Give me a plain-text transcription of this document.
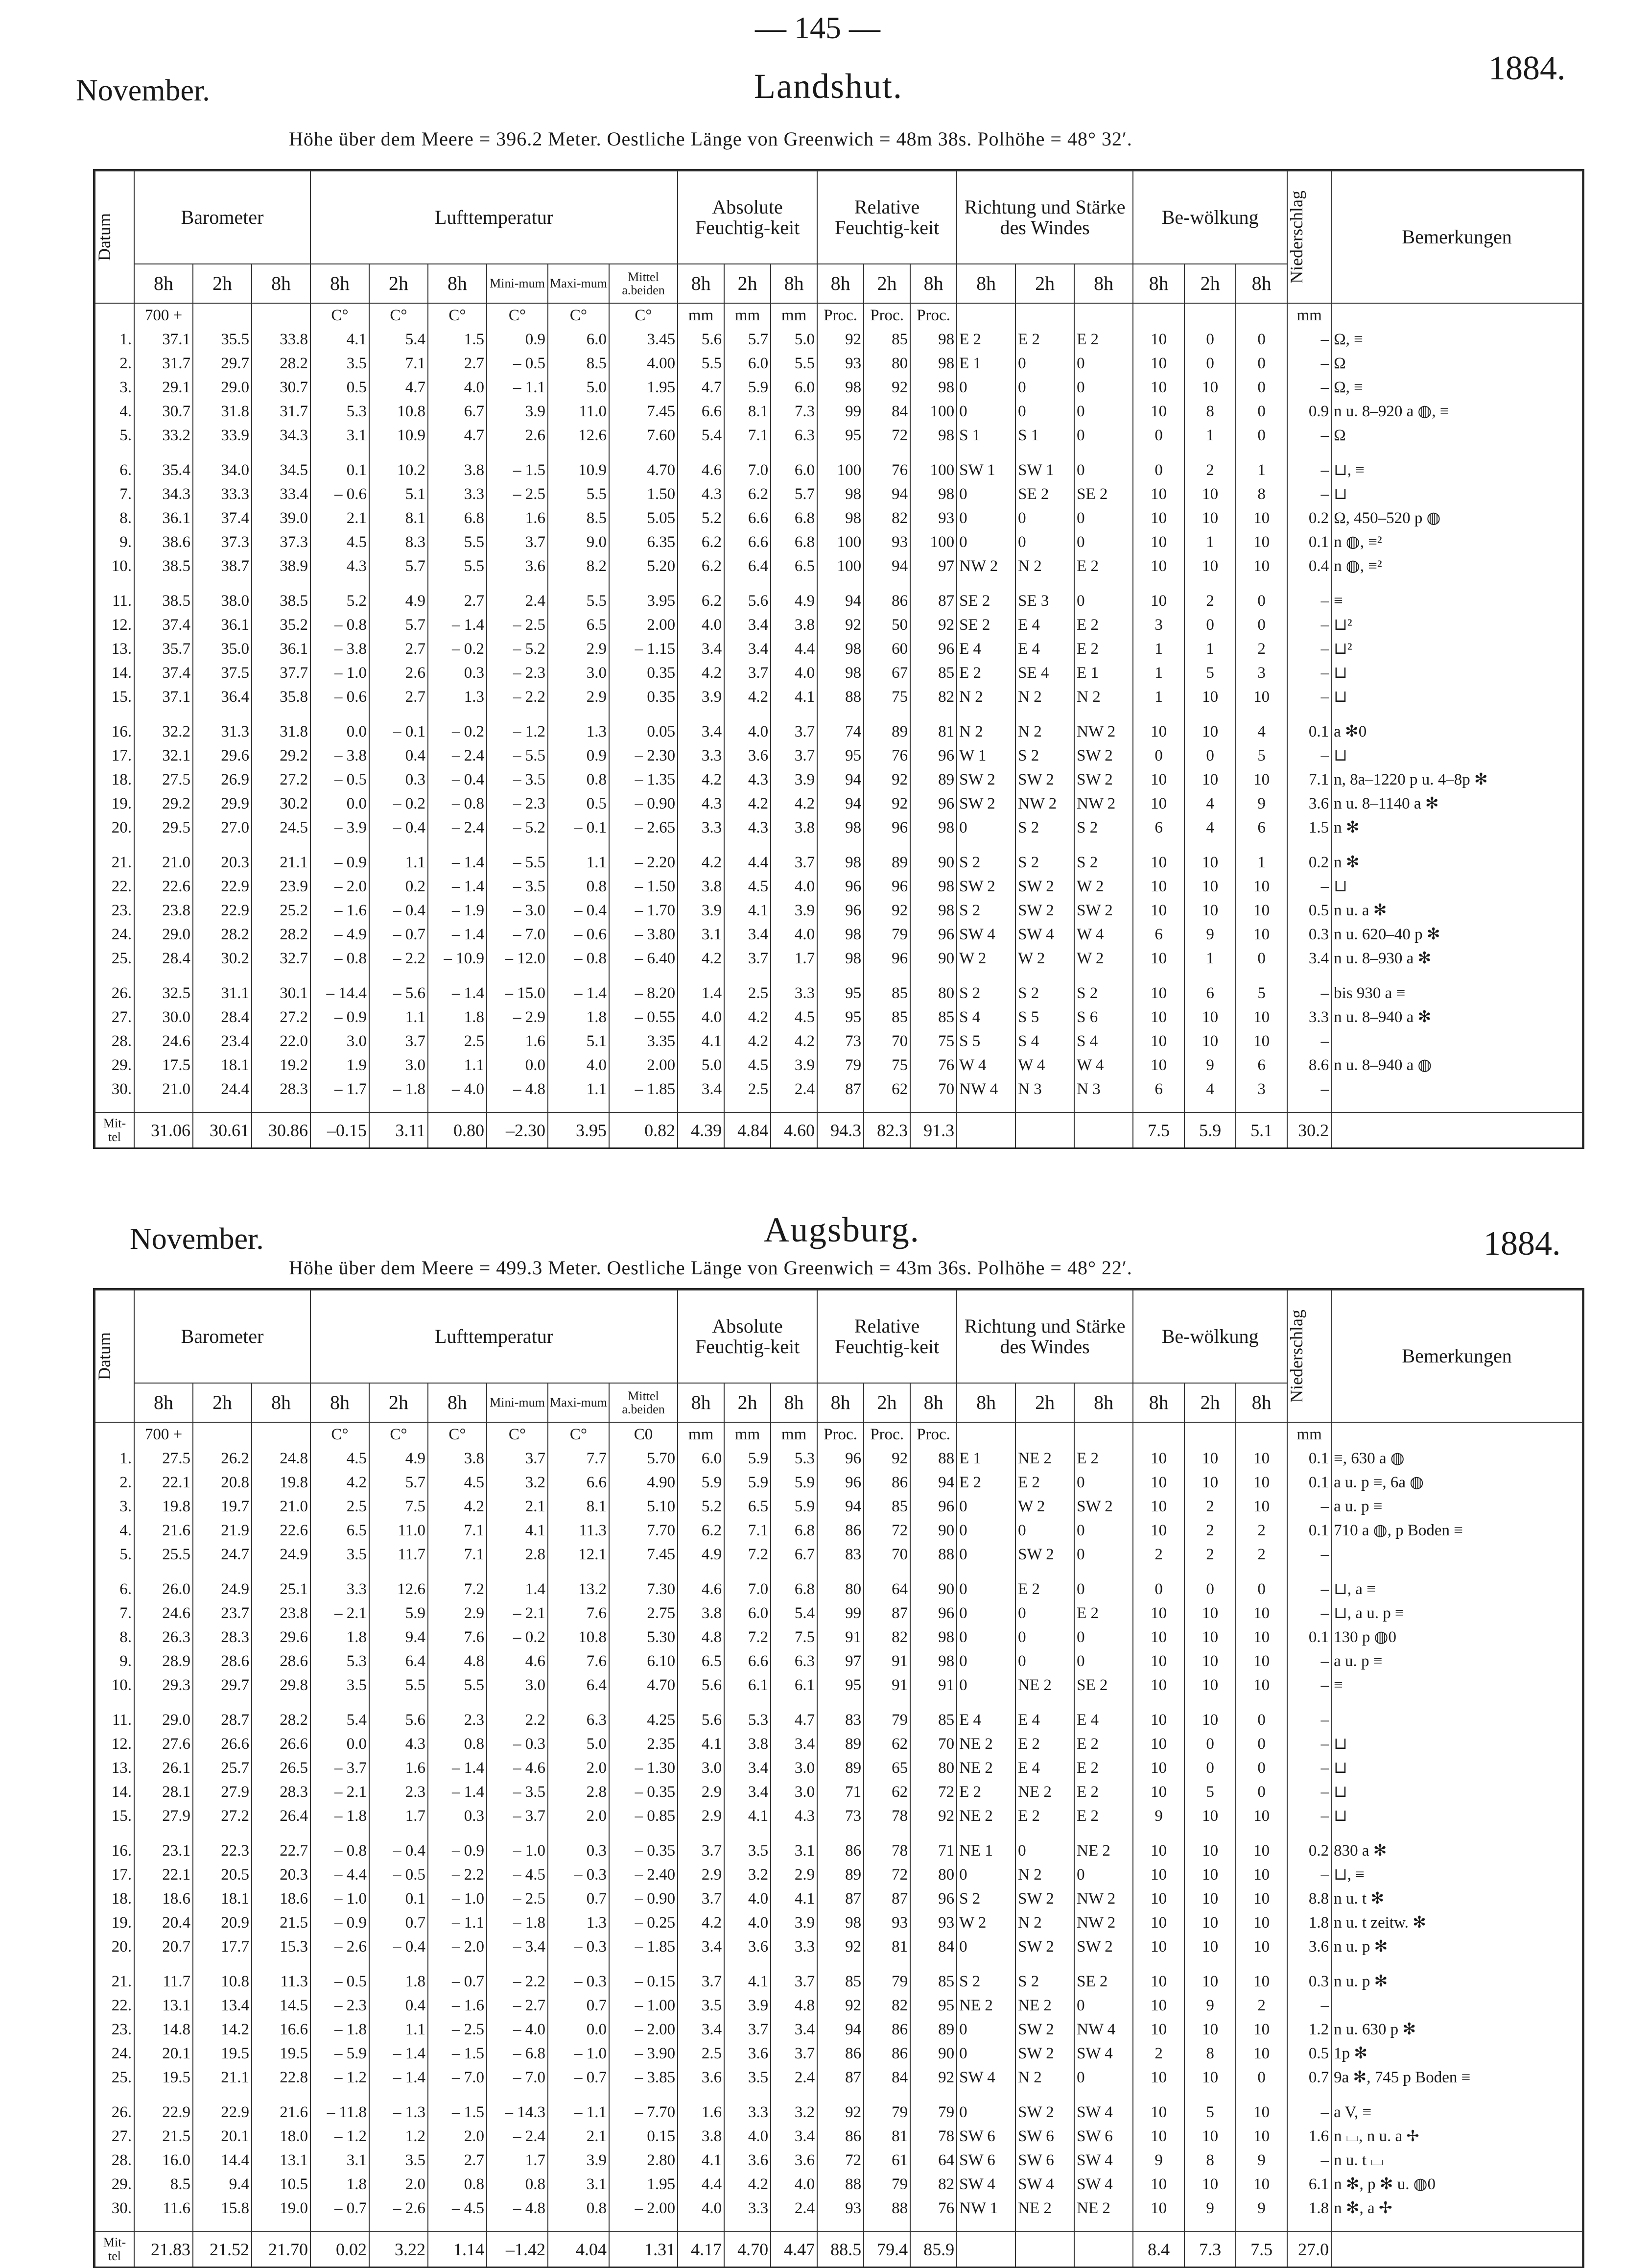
— 145 —
November.	Landshut.	1884.
Höhe über dem Meere = 396.2 Meter. Oestliche Länge von Greenwich = 48m 38s. Polhöhe = 48° 32′.
Datum	Barometer			Lufttemperatur						Absolute Feuchtig-keit			Relative Feuchtig-keit			Richtung und Stärke des Windes			Be-wölkung			Niederschlag	Bemerkungen
	8h	2h	8h	8h	2h	8h	Mini-mum	Maxi-mum	Mittel a.beiden	8h	2h	8h	8h	2h	8h	8h	2h	8h	8h	2h	8h		
	700 +			C°	C°	C°	C°	C°	C°	mm	mm	mm	Proc.	Proc.	Proc.							mm	
1.	37.1	35.5	33.8	4.1	5.4	1.5	0.9	6.0	3.45	5.6	5.7	5.0	92	85	98	E 2	E 2	E 2	10	0	0	–	Ω, ≡
2.	31.7	29.7	28.2	3.5	7.1	2.7	– 0.5	8.5	4.00	5.5	6.0	5.5	93	80	98	E 1	0	0	10	0	0	–	Ω
3.	29.1	29.0	30.7	0.5	4.7	4.0	– 1.1	5.0	1.95	4.7	5.9	6.0	98	92	98	0	0	0	10	10	0	–	Ω, ≡
4.	30.7	31.8	31.7	5.3	10.8	6.7	3.9	11.0	7.45	6.6	8.1	7.3	99	84	100	0	0	0	10	8	0	0.9	n u. 8–920 a ◍, ≡
5.	33.2	33.9	34.3	3.1	10.9	4.7	2.6	12.6	7.60	5.4	7.1	6.3	95	72	98	S 1	S 1	0	0	1	0	–	Ω

6.	35.4	34.0	34.5	0.1	10.2	3.8	– 1.5	10.9	4.70	4.6	7.0	6.0	100	76	100	SW 1	SW 1	0	0	2	1	–	⊔, ≡
7.	34.3	33.3	33.4	– 0.6	5.1	3.3	– 2.5	5.5	1.50	4.3	6.2	5.7	98	94	98	0	SE 2	SE 2	10	10	8	–	⊔
8.	36.1	37.4	39.0	2.1	8.1	6.8	1.6	8.5	5.05	5.2	6.6	6.8	98	82	93	0	0	0	10	10	10	0.2	Ω, 450–520 p ◍
9.	38.6	37.3	37.3	4.5	8.3	5.5	3.7	9.0	6.35	6.2	6.6	6.8	100	93	100	0	0	0	10	1	10	0.1	n ◍, ≡²
10.	38.5	38.7	38.9	4.3	5.7	5.5	3.6	8.2	5.20	6.2	6.4	6.5	100	94	97	NW 2	N 2	E 2	10	10	10	0.4	n ◍, ≡²

11.	38.5	38.0	38.5	5.2	4.9	2.7	2.4	5.5	3.95	6.2	5.6	4.9	94	86	87	SE 2	SE 3	0	10	2	0	–	≡
12.	37.4	36.1	35.2	– 0.8	5.7	– 1.4	– 2.5	6.5	2.00	4.0	3.4	3.8	92	50	92	SE 2	E 4	E 2	3	0	0	–	⊔²
13.	35.7	35.0	36.1	– 3.8	2.7	– 0.2	– 5.2	2.9	– 1.15	3.4	3.4	4.4	98	60	96	E 4	E 4	E 2	1	1	2	–	⊔²
14.	37.4	37.5	37.7	– 1.0	2.6	0.3	– 2.3	3.0	0.35	4.2	3.7	4.0	98	67	85	E 2	SE 4	E 1	1	5	3	–	⊔
15.	37.1	36.4	35.8	– 0.6	2.7	1.3	– 2.2	2.9	0.35	3.9	4.2	4.1	88	75	82	N 2	N 2	N 2	1	10	10	–	⊔

16.	32.2	31.3	31.8	0.0	– 0.1	– 0.2	– 1.2	1.3	0.05	3.4	4.0	3.7	74	89	81	N 2	N 2	NW 2	10	10	4	0.1	a ✻0
17.	32.1	29.6	29.2	– 3.8	0.4	– 2.4	– 5.5	0.9	– 2.30	3.3	3.6	3.7	95	76	96	W 1	S 2	SW 2	0	0	5	–	⊔
18.	27.5	26.9	27.2	– 0.5	0.3	– 0.4	– 3.5	0.8	– 1.35	4.2	4.3	3.9	94	92	89	SW 2	SW 2	SW 2	10	10	10	7.1	n, 8a–1220 p u. 4–8p ✻
19.	29.2	29.9	30.2	0.0	– 0.2	– 0.8	– 2.3	0.5	– 0.90	4.3	4.2	4.2	94	92	96	SW 2	NW 2	NW 2	10	4	9	3.6	n u. 8–1140 a ✻
20.	29.5	27.0	24.5	– 3.9	– 0.4	– 2.4	– 5.2	– 0.1	– 2.65	3.3	4.3	3.8	98	96	98	0	S 2	S 2	6	4	6	1.5	n ✻

21.	21.0	20.3	21.1	– 0.9	1.1	– 1.4	– 5.5	1.1	– 2.20	4.2	4.4	3.7	98	89	90	S 2	S 2	S 2	10	10	1	0.2	n ✻
22.	22.6	22.9	23.9	– 2.0	0.2	– 1.4	– 3.5	0.8	– 1.50	3.8	4.5	4.0	96	96	98	SW 2	SW 2	W 2	10	10	10	–	⊔
23.	23.8	22.9	25.2	– 1.6	– 0.4	– 1.9	– 3.0	– 0.4	– 1.70	3.9	4.1	3.9	96	92	98	S 2	SW 2	SW 2	10	10	10	0.5	n u. a ✻
24.	29.0	28.2	28.2	– 4.9	– 0.7	– 1.4	– 7.0	– 0.6	– 3.80	3.1	3.4	4.0	98	79	96	SW 4	SW 4	W 4	6	9	10	0.3	n u. 620–40 p ✻
25.	28.4	30.2	32.7	– 0.8	– 2.2	– 10.9	– 12.0	– 0.8	– 6.40	4.2	3.7	1.7	98	96	90	W 2	W 2	W 2	10	1	0	3.4	n u. 8–930 a ✻

26.	32.5	31.1	30.1	– 14.4	– 5.6	– 1.4	– 15.0	– 1.4	– 8.20	1.4	2.5	3.3	95	85	80	S 2	S 2	S 2	10	6	5	–	bis 930 a ≡
27.	30.0	28.4	27.2	– 0.9	1.1	1.8	– 2.9	1.8	– 0.55	4.0	4.2	4.5	95	85	85	S 4	S 5	S 6	10	10	10	3.3	n u. 8–940 a ✻
28.	24.6	23.4	22.0	3.0	3.7	2.5	1.6	5.1	3.35	4.1	4.2	4.2	73	70	75	S 5	S 4	S 4	10	10	10	–	
29.	17.5	18.1	19.2	1.9	3.0	1.1	0.0	4.0	2.00	5.0	4.5	3.9	79	75	76	W 4	W 4	W 4	10	9	6	8.6	n u. 8–940 a ◍
30.	21.0	24.4	28.3	– 1.7	– 1.8	– 4.0	– 4.8	1.1	– 1.85	3.4	2.5	2.4	87	62	70	NW 4	N 3	N 3	6	4	3	–	

Mit-tel	31.06	30.61	30.86	–0.15	3.11	0.80	–2.30	3.95	0.82	4.39	4.84	4.60	94.3	82.3	91.3				7.5	5.9	5.1	30.2	
November.	Augsburg.	1884.
Höhe über dem Meere = 499.3 Meter. Oestliche Länge von Greenwich = 43m 36s. Polhöhe = 48° 22′.
Datum	Barometer			Lufttemperatur						Absolute Feuchtig-keit			Relative Feuchtig-keit			Richtung und Stärke des Windes			Be-wölkung			Niederschlag	Bemerkungen
	8h	2h	8h	8h	2h	8h	Mini-mum	Maxi-mum	Mittel a.beiden	8h	2h	8h	8h	2h	8h	8h	2h	8h	8h	2h	8h		
	700 +			C°	C°	C°	C°	C°	C0	mm	mm	mm	Proc.	Proc.	Proc.							mm	
1.	27.5	26.2	24.8	4.5	4.9	3.8	3.7	7.7	5.70	6.0	5.9	5.3	96	92	88	E 1	NE 2	E 2	10	10	10	0.1	≡, 630 a ◍
2.	22.1	20.8	19.8	4.2	5.7	4.5	3.2	6.6	4.90	5.9	5.9	5.9	96	86	94	E 2	E 2	0	10	10	10	0.1	a u. p ≡, 6a ◍
3.	19.8	19.7	21.0	2.5	7.5	4.2	2.1	8.1	5.10	5.2	6.5	5.9	94	85	96	0	W 2	SW 2	10	2	10	–	a u. p ≡
4.	21.6	21.9	22.6	6.5	11.0	7.1	4.1	11.3	7.70	6.2	7.1	6.8	86	72	90	0	0	0	10	2	2	0.1	710 a ◍, p Boden ≡
5.	25.5	24.7	24.9	3.5	11.7	7.1	2.8	12.1	7.45	4.9	7.2	6.7	83	70	88	0	SW 2	0	2	2	2	–	

6.	26.0	24.9	25.1	3.3	12.6	7.2	1.4	13.2	7.30	4.6	7.0	6.8	80	64	90	0	E 2	0	0	0	0	–	⊔, a ≡
7.	24.6	23.7	23.8	– 2.1	5.9	2.9	– 2.1	7.6	2.75	3.8	6.0	5.4	99	87	96	0	0	E 2	10	10	10	–	⊔, a u. p ≡
8.	26.3	28.3	29.6	1.8	9.4	7.6	– 0.2	10.8	5.30	4.8	7.2	7.5	91	82	98	0	0	0	10	10	10	0.1	130 p ◍0
9.	28.9	28.6	28.6	5.3	6.4	4.8	4.6	7.6	6.10	6.5	6.6	6.3	97	91	98	0	0	0	10	10	10	–	a u. p ≡
10.	29.3	29.7	29.8	3.5	5.5	5.5	3.0	6.4	4.70	5.6	6.1	6.1	95	91	91	0	NE 2	SE 2	10	10	10	–	≡

11.	29.0	28.7	28.2	5.4	5.6	2.3	2.2	6.3	4.25	5.6	5.3	4.7	83	79	85	E 4	E 4	E 4	10	10	0	–	
12.	27.6	26.6	26.6	0.0	4.3	0.8	– 0.3	5.0	2.35	4.1	3.8	3.4	89	62	70	NE 2	E 2	E 2	10	0	0	–	⊔
13.	26.1	25.7	26.5	– 3.7	1.6	– 1.4	– 4.6	2.0	– 1.30	3.0	3.4	3.0	89	65	80	NE 2	E 4	E 2	10	0	0	–	⊔
14.	28.1	27.9	28.3	– 2.1	2.3	– 1.4	– 3.5	2.8	– 0.35	2.9	3.4	3.0	71	62	72	E 2	NE 2	E 2	10	5	0	–	⊔
15.	27.9	27.2	26.4	– 1.8	1.7	0.3	– 3.7	2.0	– 0.85	2.9	4.1	4.3	73	78	92	NE 2	E 2	E 2	9	10	10	–	⊔

16.	23.1	22.3	22.7	– 0.8	– 0.4	– 0.9	– 1.0	0.3	– 0.35	3.7	3.5	3.1	86	78	71	NE 1	0	NE 2	10	10	10	0.2	830 a ✻
17.	22.1	20.5	20.3	– 4.4	– 0.5	– 2.2	– 4.5	– 0.3	– 2.40	2.9	3.2	2.9	89	72	80	0	N 2	0	10	10	10	–	⊔, ≡
18.	18.6	18.1	18.6	– 1.0	0.1	– 1.0	– 2.5	0.7	– 0.90	3.7	4.0	4.1	87	87	96	S 2	SW 2	NW 2	10	10	10	8.8	n u. t ✻
19.	20.4	20.9	21.5	– 0.9	0.7	– 1.1	– 1.8	1.3	– 0.25	4.2	4.0	3.9	98	93	93	W 2	N 2	NW 2	10	10	10	1.8	n u. t zeitw. ✻
20.	20.7	17.7	15.3	– 2.6	– 0.4	– 2.0	– 3.4	– 0.3	– 1.85	3.4	3.6	3.3	92	81	84	0	SW 2	SW 2	10	10	10	3.6	n u. p ✻

21.	11.7	10.8	11.3	– 0.5	1.8	– 0.7	– 2.2	– 0.3	– 0.15	3.7	4.1	3.7	85	79	85	S 2	S 2	SE 2	10	10	10	0.3	n u. p ✻
22.	13.1	13.4	14.5	– 2.3	0.4	– 1.6	– 2.7	0.7	– 1.00	3.5	3.9	4.8	92	82	95	NE 2	NE 2	0	10	9	2	–	
23.	14.8	14.2	16.6	– 1.8	1.1	– 2.5	– 4.0	0.0	– 2.00	3.4	3.7	3.4	94	86	89	0	SW 2	NW 4	10	10	10	1.2	n u. 630 p ✻
24.	20.1	19.5	19.5	– 5.9	– 1.4	– 1.5	– 6.8	– 1.0	– 3.90	2.5	3.6	3.7	86	86	90	0	SW 2	SW 4	2	8	10	0.5	1p ✻
25.	19.5	21.1	22.8	– 1.2	– 1.4	– 7.0	– 7.0	– 0.7	– 3.85	3.6	3.5	2.4	87	84	92	SW 4	N 2	0	10	10	0	0.7	9a ✻, 745 p Boden ≡

26.	22.9	22.9	21.6	– 11.8	– 1.3	– 1.5	– 14.3	– 1.1	– 7.70	1.6	3.3	3.2	92	79	79	0	SW 2	SW 4	10	5	10	–	a V, ≡
27.	21.5	20.1	18.0	– 1.2	1.2	2.0	– 2.4	2.1	0.15	3.8	4.0	3.4	86	81	78	SW 6	SW 6	SW 6	10	10	10	1.6	n ⌴, n u. a ✢
28.	16.0	14.4	13.1	3.1	3.5	2.7	1.7	3.9	2.80	4.1	3.6	3.6	72	61	64	SW 6	SW 6	SW 4	9	8	9	–	n u. t ⌴
29.	8.5	9.4	10.5	1.8	2.0	0.8	0.8	3.1	1.95	4.4	4.2	4.0	88	79	82	SW 4	SW 4	SW 4	10	10	10	6.1	n ✻, p ✻ u. ◍0
30.	11.6	15.8	19.0	– 0.7	– 2.6	– 4.5	– 4.8	0.8	– 2.00	4.0	3.3	2.4	93	88	76	NW 1	NE 2	NE 2	10	9	9	1.8	n ✻, a ✢

Mit-tel	21.83	21.52	21.70	0.02	3.22	1.14	–1.42	4.04	1.31	4.17	4.70	4.47	88.5	79.4	85.9				8.4	7.3	7.5	27.0	
